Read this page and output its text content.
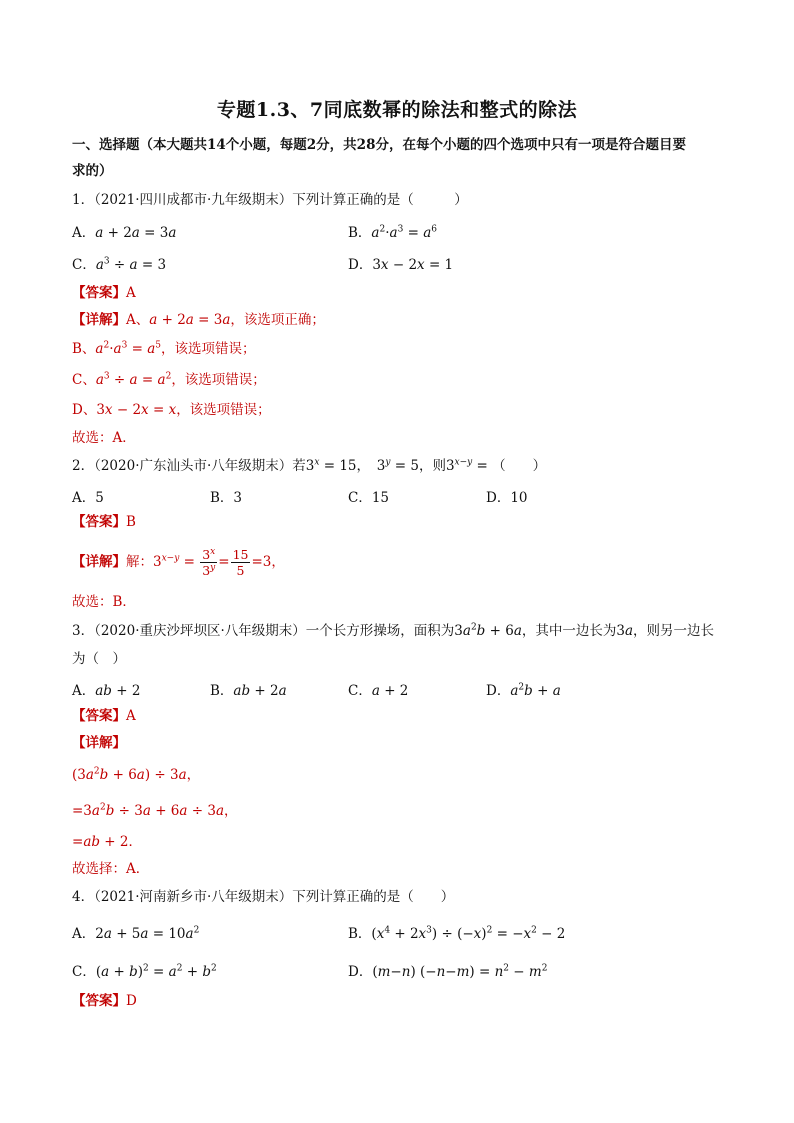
专题1.3、7同底数幂的除法和整式的除法
一、选择题（本大题共14个小题，每题2分，共28分，在每个小题的四个选项中只有一项是符合题目要
求的）
1．（2021·四川成都市·九年级期末）下列计算正确的是（　　　）
A．a + 2a = 3a	B．$a^2\cdot a^3 = a^6$
C．$a^3 \div a = 3$	D．3x − 2x = 1
【答案】A
【详解】A、a + 2a = 3a，该选项正确；
B、$a^2\cdot a^3 = a^5$，该选项错误；
C、$a^3 \div a = a^2$，该选项错误；
D、3x − 2x = x，该选项错误；
故选：A．
2．（2020·广东汕头市·八年级期末）若$3^x = 15$，　$3^y = 5$，则$3^{x-y}$ = （　　）
A．5	B．3	C．15	D．10
【答案】B
【详解】解：$3^{x-y} = \frac{3^x}{3^y} = \frac{15}{5} =3$，
故选：B．
3．（2020·重庆沙坪坝区·八年级期末）一个长方形操场，面积为$3a^2b + 6a$，其中一边长为3a，则另一边长
为（　）
A．ab + 2	B．ab + 2a	C．a + 2	D．$a^2b + a$
【答案】A
【详解】
$(3a^2b + 6a) \div 3a$，
$=3a^2b \div 3a + 6a \div 3a$，
=ab + 2．
故选择：A．
4．（2021·河南新乡市·八年级期末）下列计算正确的是（　　）
A．$2a + 5a = 10a^2$	B．$(x^4 + 2x^3) \div (-x)^2 = -x^2 - 2$
C．$(a + b)^2 = a^2 + b^2$	D．(m−n) $(-n-m) = n^2 - m^2$
【答案】D
